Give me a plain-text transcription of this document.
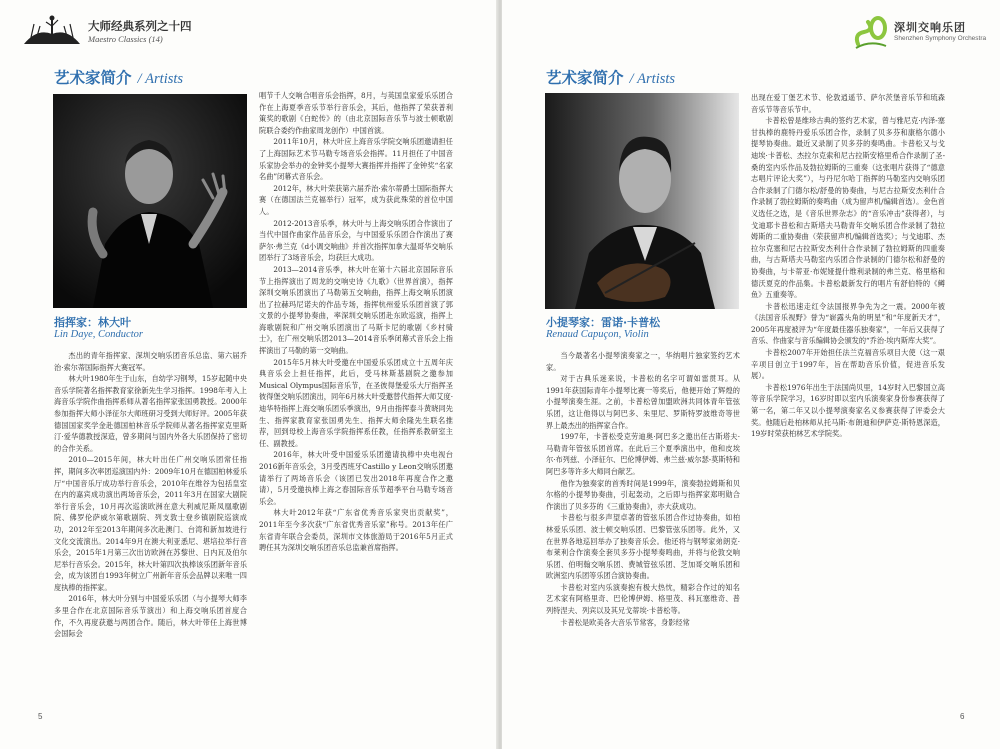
大师经典系列之十四
Maestro Classics (14)
艺术家简介 / Artists
指挥家：林大叶
Lin Daye, Conductor

杰出的青年指挥家、深圳交响乐团音乐总监、第六届乔治·索尔蒂国际指挥大赛冠军。

林大叶1980年生于山东，自幼学习钢琴，15岁起随中央音乐学院著名指挥教育家徐新先生学习指挥。1998年考入上海音乐学院作曲指挥系师从著名指挥家张国勇教授。2000年参加指挥大师小泽征尔大师班研习受到大师好评。2005年获德国国家奖学金赴德国柏林音乐学院师从著名指挥家克里斯汀·爱华德教授深造，曾多期间与国内外各大乐团保持了密切的合作关系。

2010—2015年间，林大叶出任广州交响乐团常任指挥，期间多次率团巡演国内外：2009年10月在德国柏林爱乐厅“中国音乐厅成功举行音乐会，2010年在维谷为包括皇室在内的嘉宾成功演出两场音乐会，2011年3月在国家大剧院举行音乐会，10月再次巡演欧洲在意大利威尼斯凤凰歌剧院、佛罗伦萨威尔第歌剧院、列支敦士登乡镇剧院巡演成功，2012年至2013年期间多次赴澳门、台湾和新加坡进行文化交流演出。2014年9月在澳大利亚悉尼、堪培拉举行音乐会，2015年1月第三次出访欧洲在苏黎世、日内瓦及伯尔尼举行音乐会。2015年，林大叶第四次执棒该乐团新年音乐会，成为该团自1993年树立广州新年音乐会品牌以来唯一四度执棒的指挥家。

2016年，林大叶分别与中国爱乐乐团（与小提琴大师李多里合作在北京国际音乐节演出）和上海交响乐团首度合作，不久再度获邀与两团合作。随后，林大叶带任上海世博会国际会

唱节千人交响合唱音乐会指挥，8月，与英国皇家爱乐乐团合作在上海夏季音乐节举行音乐会，其后，他指挥了荣获普利策奖的歌剧《白蛇传》的（由北京国际音乐节与波士顿歌剧院联合委约作曲家周龙创作）中国首演。

2011年10月，林大叶应上海音乐学院交响乐团邀请担任了上海国际艺术节马勒专场音乐会指挥。11月担任了中国音乐家协会举办的金钟奖小提琴大赛指挥并指挥了金钟奖“名家名曲”闭幕式音乐会。

2012年，林大叶荣获第六届乔治·索尔蒂爵士国际指挥大赛（在德国法兰克福举行）冠军，成为获此殊荣的首位中国人。

2012-2013音乐季，林大叶与上海交响乐团合作演出了当代中国作曲家作品音乐会，与中国爱乐乐团合作演出了赛萨尔·弗兰克《d小调交响曲》并首次指挥加拿大温哥华交响乐团举行了3场音乐会，均获巨大成功。

2013—2014音乐季，林大叶在第十六届北京国际音乐节上指挥演出了周龙的交响史诗《九歌》（世界首演），指挥深圳交响乐团演出了马勒第五交响曲，指挥上海交响乐团演出了拉赫玛尼诺夫的作品专场，指挥杭州爱乐乐团首演了郭文景的小提琴协奏曲，率深圳交响乐团赴东欧巡演，指挥上海歌剧院和广州交响乐团演出了马斯卡尼的歌剧《乡村骑士》，在广州交响乐团2013—2014音乐季闭幕式音乐会上指挥演出了马勒的第一交响曲。

2015年5月林大叶受邀在中国爱乐乐团成立十五周年庆典音乐会上担任指挥，此后，受马林斯基剧院之邀参加Musical Olympus国际音乐节，在圣彼得堡爱乐大厅指挥圣彼得堡交响乐团演出，同年6月林大叶受邀替代指挥大师艾度·迪华特指挥上海交响乐团乐季演出，9月由指挥泰斗黄晓同先生、指挥家教育家张国勇先生、指挥大师余隆先生联名推荐，回到母校上海音乐学院指挥系任教，任指挥系教研室主任、副教授。

2016年，林大叶受中国爱乐乐团邀请执棒中央电视台2016新年音乐会，3月受西班牙Castillo y Leon交响乐团邀请举行了两场音乐会（该团已发出2018年再度合作之邀请），5月受邀执棒上海之春国际音乐节超季平台马勒专场音乐会。

林大叶2012年获“广东省优秀音乐家突出贡献奖”，2011年至今多次获“广东省优秀音乐家”称号。2013年任广东省青年联合会委员，深圳市文体旅游局于2016年5月正式聘任其为深圳交响乐团音乐总监兼首席指挥。

5
深圳交响乐团
Shenzhen Symphony Orchestra
艺术家简介 / Artists
小提琴家：雷诺·卡普松
Renaud Capuçon, Violin

当今最著名小提琴演奏家之一，华纳唱片独家签约艺术家。

对于古典乐迷来说，卡普松的名字可谓如雷贯耳。从1991年获国际青年小提琴比赛一等奖后，他便开始了辉煌的小提琴演奏生涯。之前，卡普松曾加盟欧洲共同体青年管弦乐团，这让他得以与阿巴多、朱里尼、罗斯特罗波维奇等世界上最杰出的指挥家合作。

1997年，卡普松受克劳迪奥·阿巴多之邀出任古斯塔夫·马勒青年管弦乐团首席。在此后三个夏季演出中，他和皮埃尔·布列兹、小泽征尔、巴伦博伊姆、弗兰兹·威尔瑟-莫斯特和阿巴多等许多大师同台献艺。

他作为独奏家的首秀时间是1999年，演奏勃拉姆斯和贝尔格的小提琴协奏曲，引起轰动，之后即与指挥家郑明勋合作演出了贝多芬的《三重协奏曲》，亦大获成功。

卡普松与很多声望卓著的管弦乐团合作过协奏曲，如柏林爱乐乐团、波士顿交响乐团、巴黎管弦乐团等。此外，又在世界各地巡回举办了独奏音乐会。他还将与钢琴家弟朗克·布莱利合作演奏全套贝多芬小提琴奏鸣曲，并将与伦敦交响乐团、伯明翰交响乐团、费城管弦乐团、芝加哥交响乐团和欧洲室内乐团等乐团合演协奏曲。

卡普松对室内乐演奏抱有极大热忱，精彩合作过的知名艺术家有阿格里奇、巴伦博伊姆、格里茂、科瓦塞维奇、普列特涅夫、列宾以及其兄戈蒂埃·卡普松等。

卡普松是欧美各大音乐节常客，身影经常

出现在爱丁堡艺术节、伦敦逍遥节、萨尔茨堡音乐节和琉森音乐节等音乐节中。

卡普松曾是维珍古典的签约艺术家，曾与雅尼克·内泽-塞甘执棒的鹿特丹爱乐乐团合作，录制了贝多芬和康格尔德小提琴协奏曲。最近又录制了贝多芬的奏鸣曲。卡普松又与戈迪埃·卡普松、杰拉尔克索和尼古拉斯安格里希合作录制了圣-桑的室内乐作品及勃拉姆斯的三重奏（这张唱片获得了“德意志唱片评论大奖”），与丹尼尔哈丁指挥的马勒室内交响乐团合作录制了门德尔松/舒曼的协奏曲，与尼古拉斯安杰利什合作录制了勃拉姆斯的奏鸣曲（成为留声机/编辑首选）。金色首义选任之选，是《音乐世界杂志》的“音乐冲击”获得者），与戈迪耶卡普松和古斯塔夫马勒青年交响乐团合作录制了勃拉姆斯的二重协奏曲（荣获留声机/编辑首选奖）；与戈迪耶、杰拉尔克塞和尼古拉斯安杰利什合作录制了勃拉姆斯的四重奏曲，与古斯塔夫马勒室内乐团合作录制的门德尔松和舒曼的协奏曲，与卡蒂亚·布妮娅提什维利录制的弗兰克、格里格和德沃夏克的作品集。卡普松最新发行的唱片有舒伯特的《鳟鱼》五重奏等。

卡普松迅速走红令法国报界争先为之一震。2000年被《法国音乐视野》誉为“崭露头角的明星”和“年度新天才”，2005年再度被评为“年度最佳器乐独奏家”，一年后又获得了音乐、作曲家与音乐编辑协会颁发的“乔治·埃内斯库大奖”。

卡普松2007年开始担任法兰克福音乐项目大使（这一艰辛项目创立于1997年，旨在帮助音乐价值，促进音乐发展）。

卡普松1976年出生于法国尚贝里，14岁时入巴黎国立高等音乐学院学习，16岁时即以室内乐演奏家身份参赛获得了第一名，第二年又以小提琴演奏家名义参赛获得了评委会大奖。他随后赴柏林师从托马斯·布朗迪和伊萨克·斯特恩深造，19岁时荣获柏林艺术学院奖。

6
